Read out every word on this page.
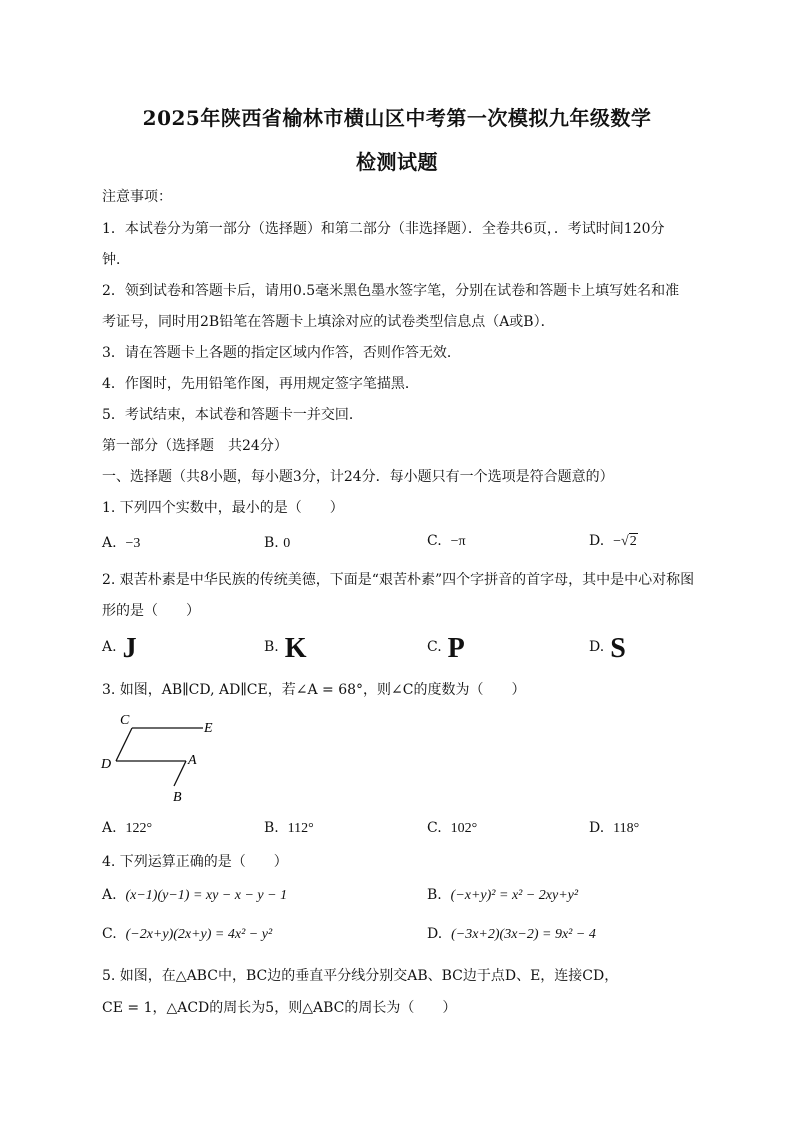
2025年陕西省榆林市横山区中考第一次模拟九年级数学
检测试题
注意事项：
1．本试卷分为第一部分（选择题）和第二部分（非选择题）．全卷共6页，．考试时间120分
钟．
2．领到试卷和答题卡后，请用0.5毫米黑色墨水签字笔，分别在试卷和答题卡上填写姓名和准
考证号，同时用2B铅笔在答题卡上填涂对应的试卷类型信息点（A或B）．
3．请在答题卡上各题的指定区域内作答，否则作答无效．
4．作图时，先用铅笔作图，再用规定签字笔描黑．
5．考试结束，本试卷和答题卡一并交回．
第一部分（选择题　共24分）
一、选择题（共8小题，每小题3分，计24分．每小题只有一个选项是符合题意的）
1. 下列四个实数中，最小的是（　　）
A. −3	B. 0	C. −π	D. −√2
2. 艰苦朴素是中华民族的传统美德，下面是“艰苦朴素”四个字拼音的首字母，其中是中心对称图
形的是（　　）
A. J	B. K	C. P	D. S
3. 如图，AB∥CD, AD∥CE，若∠A = 68°，则∠C的度数为（　　）
C
E
D	A
B
A. 122°	B. 112°	C. 102°	D. 118°
4. 下列运算正确的是（　　）
A. (x−1)(y−1) = xy − x − y − 1	B. (−x+y)² = x² − 2xy+y²
C. (−2x+y)(2x+y) = 4x² − y²	D. (−3x+2)(3x−2) = 9x² − 4
5. 如图，在△ABC中，BC边的垂直平分线分别交AB、BC边于点D、E，连接CD，
CE = 1，△ACD的周长为5，则△ABC的周长为（　　）
